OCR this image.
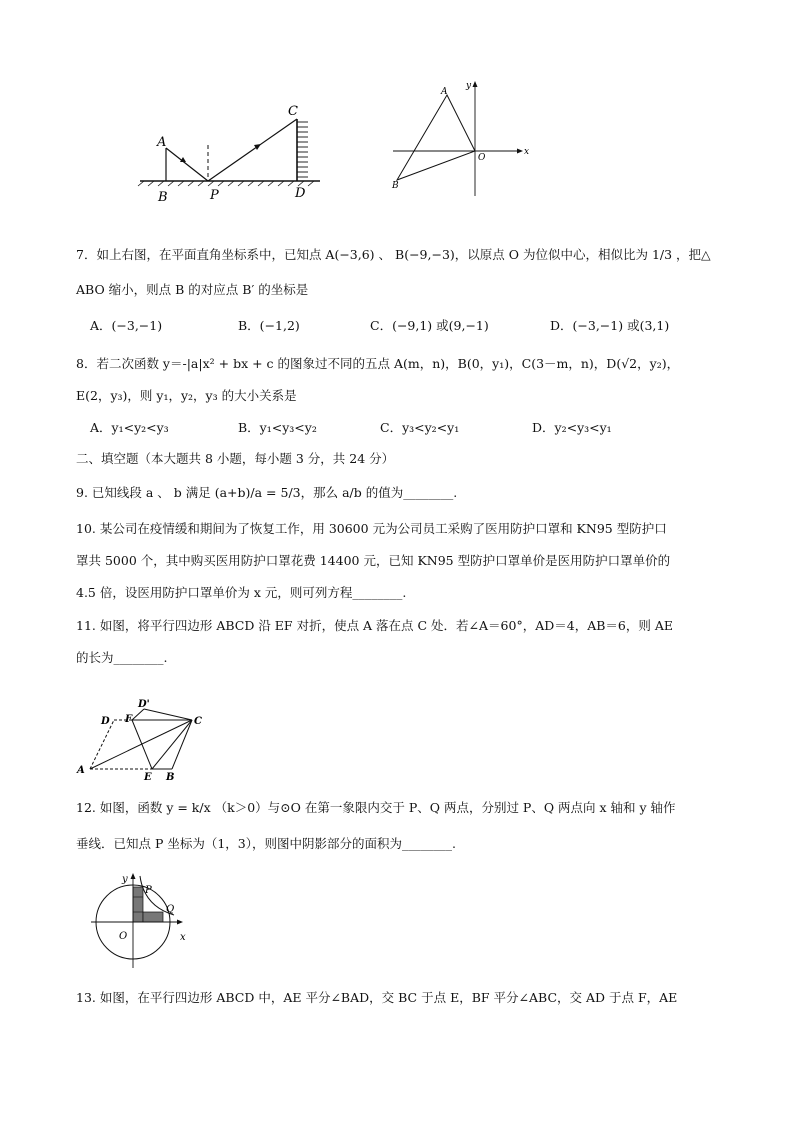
A
B	P
C
D
x
y
A
O
B
7．如上右图，在平面直角坐标系中，已知点 A(−3,6) 、 B(−9,−3)，以原点 O 为位似中心，相似比为 1/3 ，把△
ABO 缩小，则点 B 的对应点 B′ 的坐标是
A．(−3,−1)	B．(−1,2)	C．(−9,1) 或(9,−1)	D．(−3,−1) 或(3,1)
8．若二次函数 y＝-|a|x² + bx + c 的图象过不同的五点 A(m，n)，B(0，y₁)，C(3－m，n)，D(√2，y₂)，
E(2，y₃)，则 y₁，y₂，y₃ 的大小关系是
A．y₁<y₂<y₃	B．y₁<y₃<y₂	C．y₃<y₂<y₁	D．y₂<y₃<y₁
二、填空题（本大题共 8 小题，每小题 3 分，共 24 分）
9. 已知线段 a 、 b 满足 (a+b)/a = 5/3，那么 a/b 的值为________.
10. 某公司在疫情缓和期间为了恢复工作，用 30600 元为公司员工采购了医用防护口罩和 KN95 型防护口
罩共 5000 个，其中购买医用防护口罩花费 14400 元，已知 KN95 型防护口罩单价是医用防护口罩单价的
4.5 倍，设医用防护口罩单价为 x 元，则可列方程________.
11. 如图，将平行四边形 ABCD 沿 EF 对折，使点 A 落在点 C 处．若∠A＝60°，AD＝4，AB＝6，则 AE
的长为________.
D'
D F	C
A
E B
12. 如图，函数 y = k/x （k＞0）与⊙O 在第一象限内交于 P、Q 两点，分别过 P、Q 两点向 x 轴和 y 轴作
垂线．已知点 P 坐标为（1，3），则图中阴影部分的面积为________.
y
P
Q
O	x
13. 如图，在平行四边形 ABCD 中，AE 平分∠BAD，交 BC 于点 E，BF 平分∠ABC，交 AD 于点 F，AE
